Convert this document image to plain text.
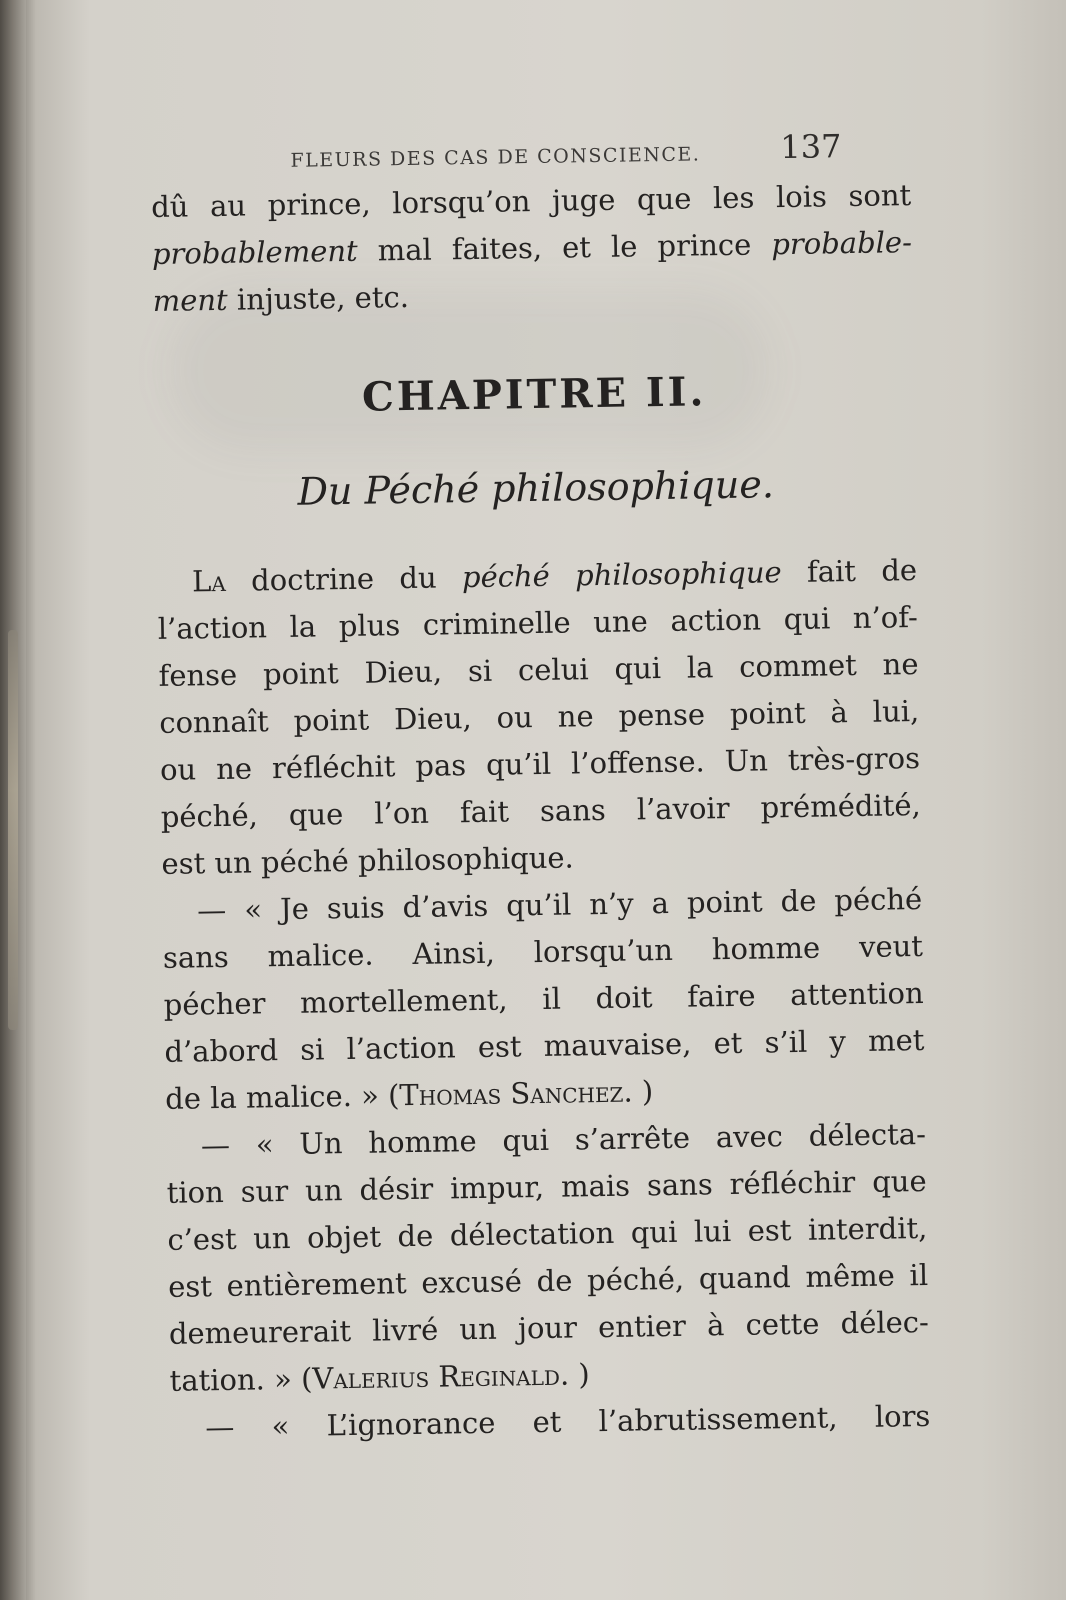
FLEURS DES CAS DE CONSCIENCE. 137
dû au prince, lorsqu’on juge que les lois sont
probablement mal faites, et le prince probable-
ment injuste, etc.
CHAPITRE II.
Du Péché philosophique.
La doctrine du péché philosophique fait de
l’action la plus criminelle une action qui n’of-
fense point Dieu, si celui qui la commet ne
connaît point Dieu, ou ne pense point à lui,
ou ne réfléchit pas qu’il l’offense. Un très-gros
péché, que l’on fait sans l’avoir prémédité,
est un péché philosophique.
— « Je suis d’avis qu’il n’y a point de péché
sans malice. Ainsi, lorsqu’un homme veut
pécher mortellement, il doit faire attention
d’abord si l’action est mauvaise, et s’il y met
de la malice. » (Thomas Sanchez. )
— « Un homme qui s’arrête avec délecta-
tion sur un désir impur, mais sans réfléchir que
c’est un objet de délectation qui lui est interdit,
est entièrement excusé de péché, quand même il
demeurerait livré un jour entier à cette délec-
tation. » (Valerius Reginald. )
— « L’ignorance et l’abrutissement, lors
